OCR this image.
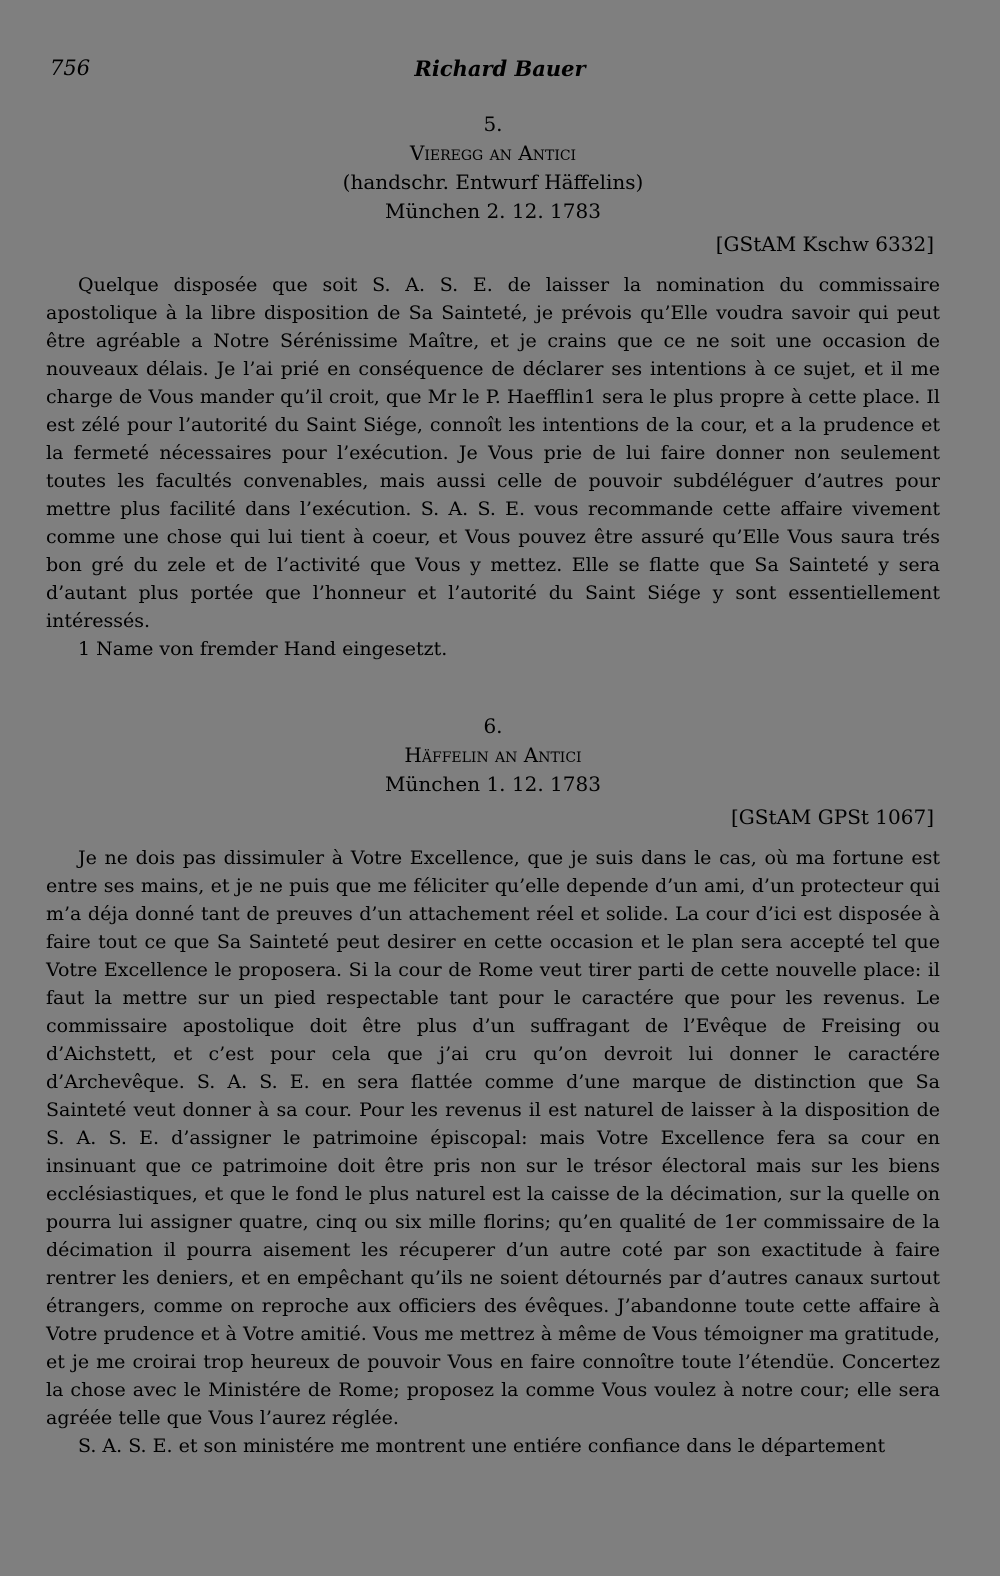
756	Richard Bauer

5.

Vieregg an Antici

(handschr. Entwurf Häffelins)

München 2. 12. 1783

[GStAM Kschw 6332]

Quelque disposée que soit S. A. S. E. de laisser la nomination du commissaire apostolique à la libre disposition de Sa Sainteté, je prévois qu’Elle voudra savoir qui peut être agréable a Notre Sérénissime Maître, et je crains que ce ne soit une occasion de nouveaux délais. Je l’ai prié en conséquence de déclarer ses intentions à ce sujet, et il me charge de Vous mander qu’il croit, que Mr le P. Haefflin1 sera le plus propre à cette place. Il est zélé pour l’autorité du Saint Siége, connoît les intentions de la cour, et a la prudence et la fermeté nécessaires pour l’exécution. Je Vous prie de lui faire donner non seulement toutes les facultés convenables, mais aussi celle de pouvoir subdéléguer d’autres pour mettre plus facilité dans l’exécution. S. A. S. E. vous recommande cette affaire vivement comme une chose qui lui tient à coeur, et Vous pouvez être assuré qu’Elle Vous saura trés bon gré du zele et de l’activité que Vous y mettez. Elle se flatte que Sa Sainteté y sera d’autant plus portée que l’honneur et l’autorité du Saint Siége y sont essentiellement intéressés.

1 Name von fremder Hand eingesetzt.

6.

Häffelin an Antici

München 1. 12. 1783

[GStAM GPSt 1067]

Je ne dois pas dissimuler à Votre Excellence, que je suis dans le cas, où ma fortune est entre ses mains, et je ne puis que me féliciter qu’elle depende d’un ami, d’un protecteur qui m’a déja donné tant de preuves d’un attachement réel et solide. La cour d’ici est disposée à faire tout ce que Sa Sainteté peut desirer en cette occasion et le plan sera accepté tel que Votre Excellence le proposera. Si la cour de Rome veut tirer parti de cette nouvelle place: il faut la mettre sur un pied respectable tant pour le caractére que pour les revenus. Le commissaire apostolique doit être plus d’un suffragant de l’Evêque de Freising ou d’Aichstett, et c’est pour cela que j’ai cru qu’on devroit lui donner le caractére d’Archevêque. S. A. S. E. en sera flattée comme d’une marque de distinction que Sa Sainteté veut donner à sa cour. Pour les revenus il est naturel de laisser à la disposition de S. A. S. E. d’assigner le patrimoine épiscopal: mais Votre Excellence fera sa cour en insinuant que ce patrimoine doit être pris non sur le trésor électoral mais sur les biens ecclésiastiques, et que le fond le plus naturel est la caisse de la décimation, sur la quelle on pourra lui assigner quatre, cinq ou six mille florins; qu’en qualité de 1er commissaire de la décimation il pourra aisement les récuperer d’un autre coté par son exactitude à faire rentrer les deniers, et en empêchant qu’ils ne soient détournés par d’autres canaux surtout étrangers, comme on reproche aux officiers des évêques. J’abandonne toute cette affaire à Votre prudence et à Votre amitié. Vous me mettrez à même de Vous témoigner ma gratitude, et je me croirai trop heureux de pouvoir Vous en faire connoître toute l’étendüe. Concertez la chose avec le Ministére de Rome; proposez la comme Vous voulez à notre cour; elle sera agréée telle que Vous l’aurez réglée.

S. A. S. E. et son ministére me montrent une entiére confiance dans le département
